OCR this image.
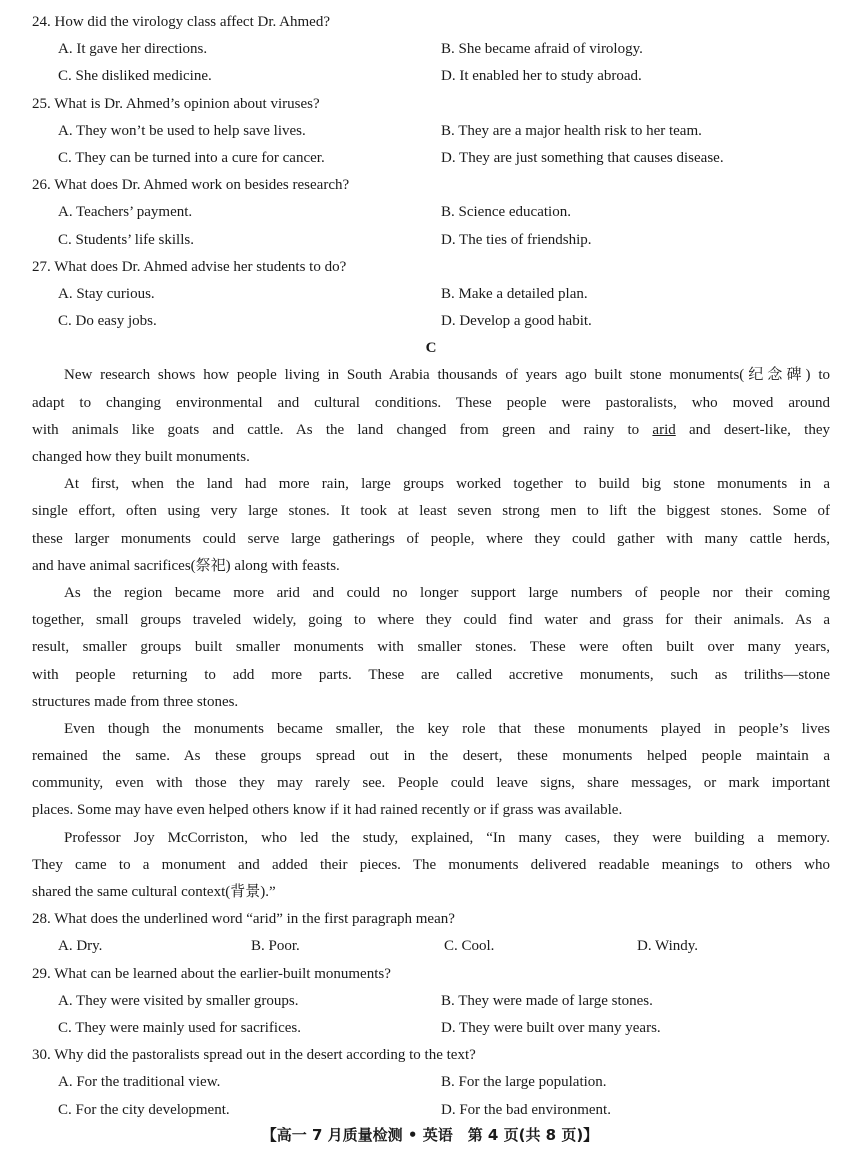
24. How did the virology class affect Dr. Ahmed?
A. It gave her directions.	B. She became afraid of virology.
C. She disliked medicine.	D. It enabled her to study abroad.
25. What is Dr. Ahmed’s opinion about viruses?
A. They won’t be used to help save lives.	B. They are a major health risk to her team.
C. They can be turned into a cure for cancer.	D. They are just something that causes disease.
26. What does Dr. Ahmed work on besides research?
A. Teachers’ payment.	B. Science education.
C. Students’ life skills.	D. The ties of friendship.
27. What does Dr. Ahmed advise her students to do?
A. Stay curious.	B. Make a detailed plan.
C. Do easy jobs.	D. Develop a good habit.
C

New research shows how people living in South Arabia thousands of years ago built stone monuments(纪念碑) to

adapt to changing environmental and cultural conditions. These people were pastoralists, who moved around

with animals like goats and cattle. As the land changed from green and rainy to arid and desert-like, they

changed how they built monuments.

At first, when the land had more rain, large groups worked together to build big stone monuments in a

single effort, often using very large stones. It took at least seven strong men to lift the biggest stones. Some of

these larger monuments could serve large gatherings of people, where they could gather with many cattle herds,

and have animal sacrifices(祭祀) along with feasts.

As the region became more arid and could no longer support large numbers of people nor their coming

together, small groups traveled widely, going to where they could find water and grass for their animals. As a

result, smaller groups built smaller monuments with smaller stones. These were often built over many years,

with people returning to add more parts. These are called accretive monuments, such as triliths—stone

structures made from three stones.

Even though the monuments became smaller, the key role that these monuments played in people’s lives

remained the same. As these groups spread out in the desert, these monuments helped people maintain a

community, even with those they may rarely see. People could leave signs, share messages, or mark important

places. Some may have even helped others know if it had rained recently or if grass was available.

Professor Joy McCorriston, who led the study, explained, “In many cases, they were building a memory.

They came to a monument and added their pieces. The monuments delivered readable meanings to others who

shared the same cultural context(背景).”

28. What does the underlined word “arid” in the first paragraph mean?
A. Dry.	B. Poor.	C. Cool.	D. Windy.
29. What can be learned about the earlier-built monuments?
A. They were visited by smaller groups.	B. They were made of large stones.
C. They were mainly used for sacrifices.	D. They were built over many years.
30. Why did the pastoralists spread out in the desert according to the text?
A. For the traditional view.	B. For the large population.
C. For the city development.	D. For the bad environment.
【高一 7 月质量检测 • 英语　第 4 页(共 8 页)】
